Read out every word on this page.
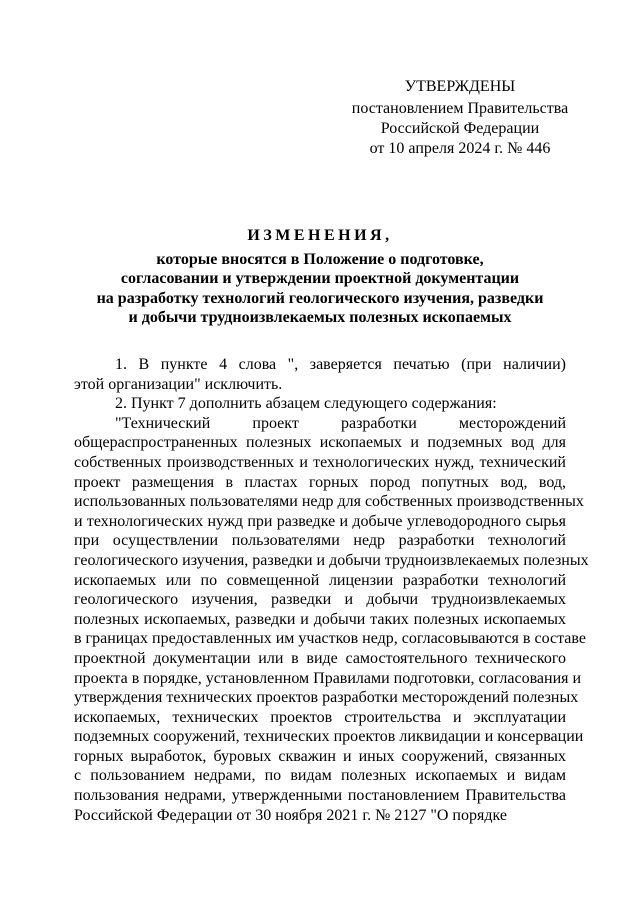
УТВЕРЖДЕНЫ
постановлением Правительства
Российской Федерации
от 10 апреля 2024 г. № 446
ИЗМЕНЕНИЯ,
которые вносятся в Положение о подготовке,
согласовании и утверждении проектной документации
на разработку технологий геологического изучения, разведки
и добычи трудноизвлекаемых полезных ископаемых
1. В пункте 4 слова ", заверяется печатью (при наличии)
этой организации" исключить.
2. Пункт 7 дополнить абзацем следующего содержания:
"Технический проект разработки месторождений
общераспространенных полезных ископаемых и подземных вод для
собственных производственных и технологических нужд, технический
проект размещения в пластах горных пород попутных вод, вод,
использованных пользователями недр для собственных производственных
и технологических нужд при разведке и добыче углеводородного сырья
при осуществлении пользователями недр разработки технологий
геологического изучения, разведки и добычи трудноизвлекаемых полезных
ископаемых или по совмещенной лицензии разработки технологий
геологического изучения, разведки и добычи трудноизвлекаемых
полезных ископаемых, разведки и добычи таких полезных ископаемых
в границах предоставленных им участков недр, согласовываются в составе
проектной документации или в виде самостоятельного технического
проекта в порядке, установленном Правилами подготовки, согласования и
утверждения технических проектов разработки месторождений полезных
ископаемых, технических проектов строительства и эксплуатации
подземных сооружений, технических проектов ликвидации и консервации
горных выработок, буровых скважин и иных сооружений, связанных
с пользованием недрами, по видам полезных ископаемых и видам
пользования недрами, утвержденными постановлением Правительства
Российской Федерации от 30 ноября 2021 г. № 2127 "О порядке
